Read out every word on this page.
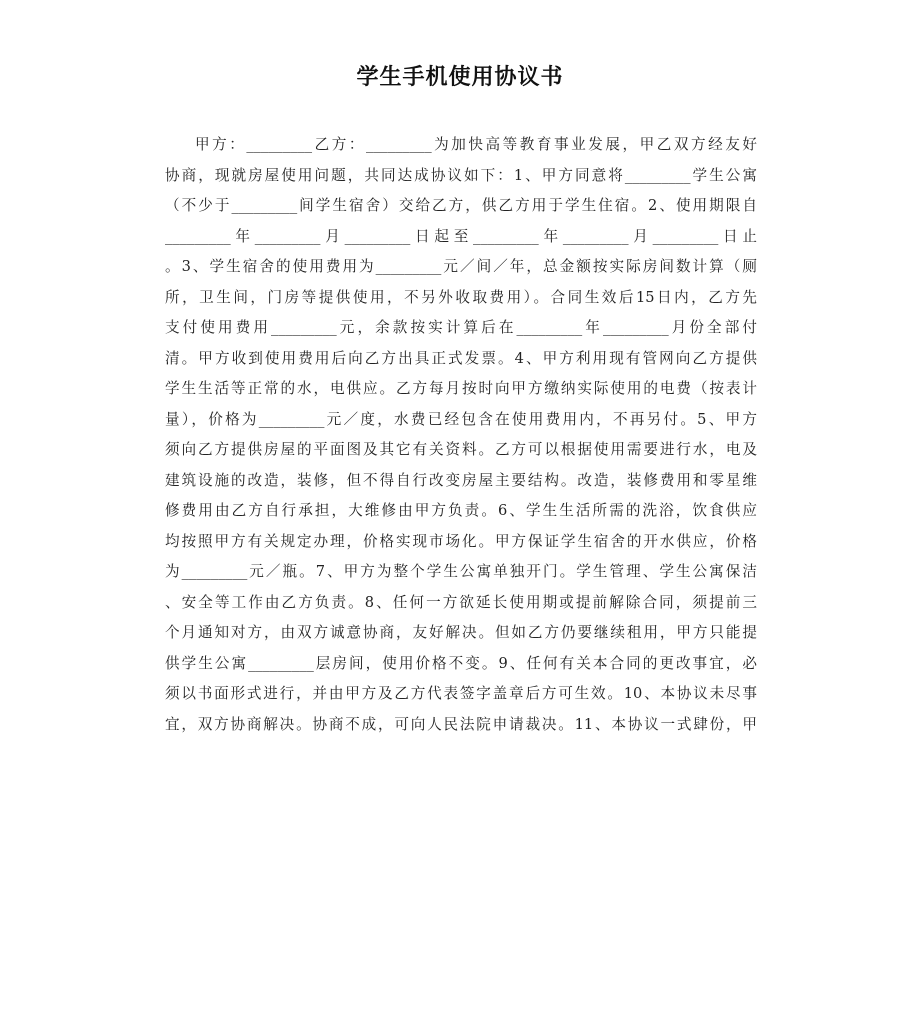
学生手机使用协议书
甲方：_________乙方：_________为加快高等教育事业发展，甲乙双方经友好
协商，现就房屋使用问题，共同达成协议如下：1、甲方同意将_________学生公寓
（不少于_________间学生宿舍）交给乙方，供乙方用于学生住宿。2、使用期限自
_________年_________月_________日起至_________年_________月_________日止
。3、学生宿舍的使用费用为_________元／间／年，总金额按实际房间数计算（厕
所，卫生间，门房等提供使用，不另外收取费用）。合同生效后15日内，乙方先
支付使用费用_________元，余款按实计算后在_________年_________月份全部付
清。甲方收到使用费用后向乙方出具正式发票。4、甲方利用现有管网向乙方提供
学生生活等正常的水，电供应。乙方每月按时向甲方缴纳实际使用的电费（按表计
量），价格为_________元／度，水费已经包含在使用费用内，不再另付。5、甲方
须向乙方提供房屋的平面图及其它有关资料。乙方可以根据使用需要进行水，电及
建筑设施的改造，装修，但不得自行改变房屋主要结构。改造，装修费用和零星维
修费用由乙方自行承担，大维修由甲方负责。6、学生生活所需的洗浴，饮食供应
均按照甲方有关规定办理，价格实现市场化。甲方保证学生宿舍的开水供应，价格
为_________元／瓶。7、甲方为整个学生公寓单独开门。学生管理、学生公寓保洁
、安全等工作由乙方负责。8、任何一方欲延长使用期或提前解除合同，须提前三
个月通知对方，由双方诚意协商，友好解决。但如乙方仍要继续租用，甲方只能提
供学生公寓_________层房间，使用价格不变。9、任何有关本合同的更改事宜，必
须以书面形式进行，并由甲方及乙方代表签字盖章后方可生效。10、本协议未尽事
宜，双方协商解决。协商不成，可向人民法院申请裁决。11、本协议一式肆份，甲
